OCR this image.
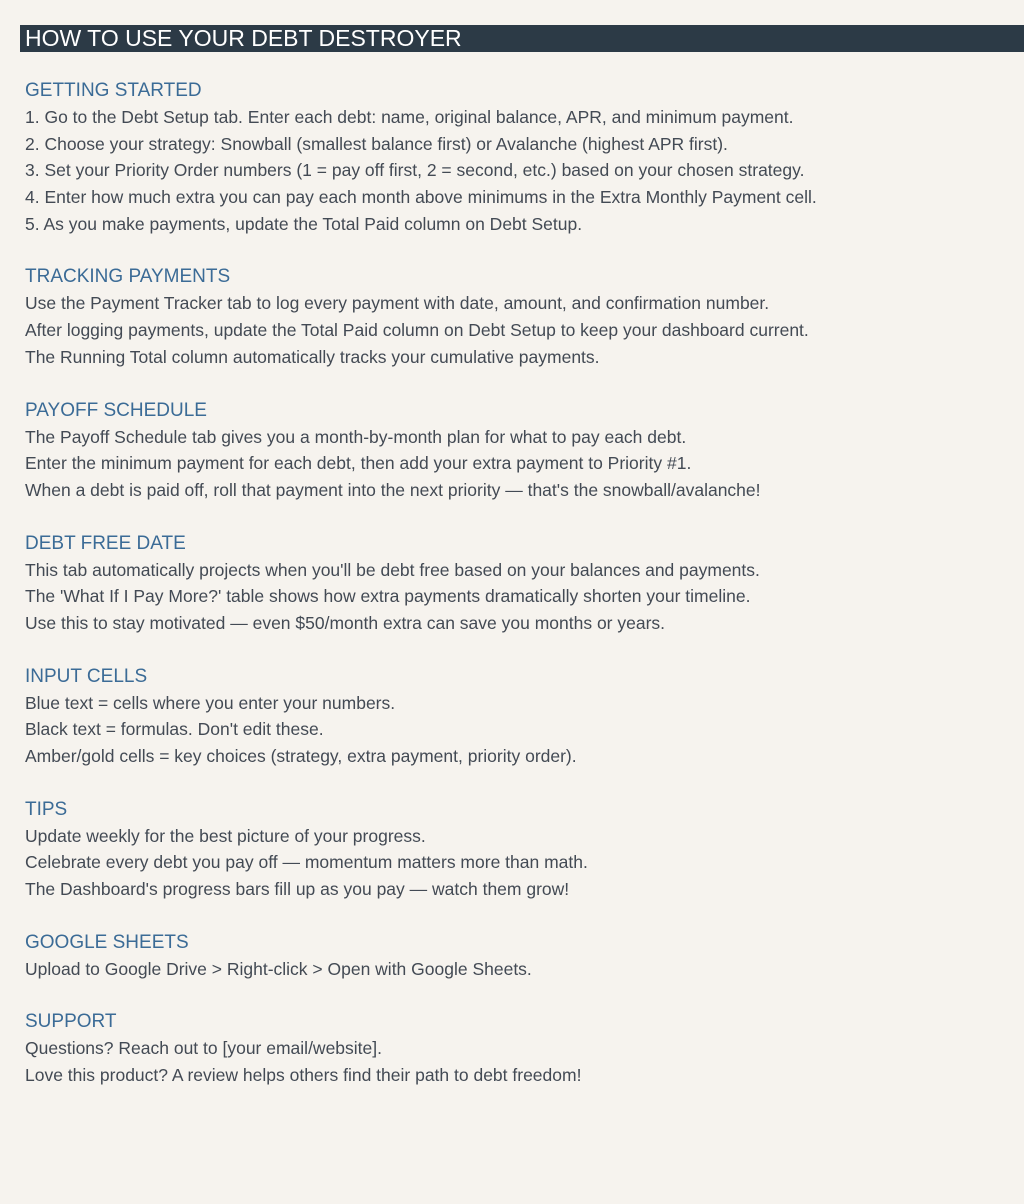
HOW TO USE YOUR DEBT DESTROYER
GETTING STARTED
1. Go to the Debt Setup tab. Enter each debt: name, original balance, APR, and minimum payment.
2. Choose your strategy: Snowball (smallest balance first) or Avalanche (highest APR first).
3. Set your Priority Order numbers (1 = pay off first, 2 = second, etc.) based on your chosen strategy.
4. Enter how much extra you can pay each month above minimums in the Extra Monthly Payment cell.
5. As you make payments, update the Total Paid column on Debt Setup.
TRACKING PAYMENTS
Use the Payment Tracker tab to log every payment with date, amount, and confirmation number.
After logging payments, update the Total Paid column on Debt Setup to keep your dashboard current.
The Running Total column automatically tracks your cumulative payments.
PAYOFF SCHEDULE
The Payoff Schedule tab gives you a month-by-month plan for what to pay each debt.
Enter the minimum payment for each debt, then add your extra payment to Priority #1.
When a debt is paid off, roll that payment into the next priority — that's the snowball/avalanche!
DEBT FREE DATE
This tab automatically projects when you'll be debt free based on your balances and payments.
The 'What If I Pay More?' table shows how extra payments dramatically shorten your timeline.
Use this to stay motivated — even $50/month extra can save you months or years.
INPUT CELLS
Blue text = cells where you enter your numbers.
Black text = formulas. Don't edit these.
Amber/gold cells = key choices (strategy, extra payment, priority order).
TIPS
Update weekly for the best picture of your progress.
Celebrate every debt you pay off — momentum matters more than math.
The Dashboard's progress bars fill up as you pay — watch them grow!
GOOGLE SHEETS
Upload to Google Drive > Right-click > Open with Google Sheets.
SUPPORT
Questions? Reach out to [your email/website].
Love this product? A review helps others find their path to debt freedom!
